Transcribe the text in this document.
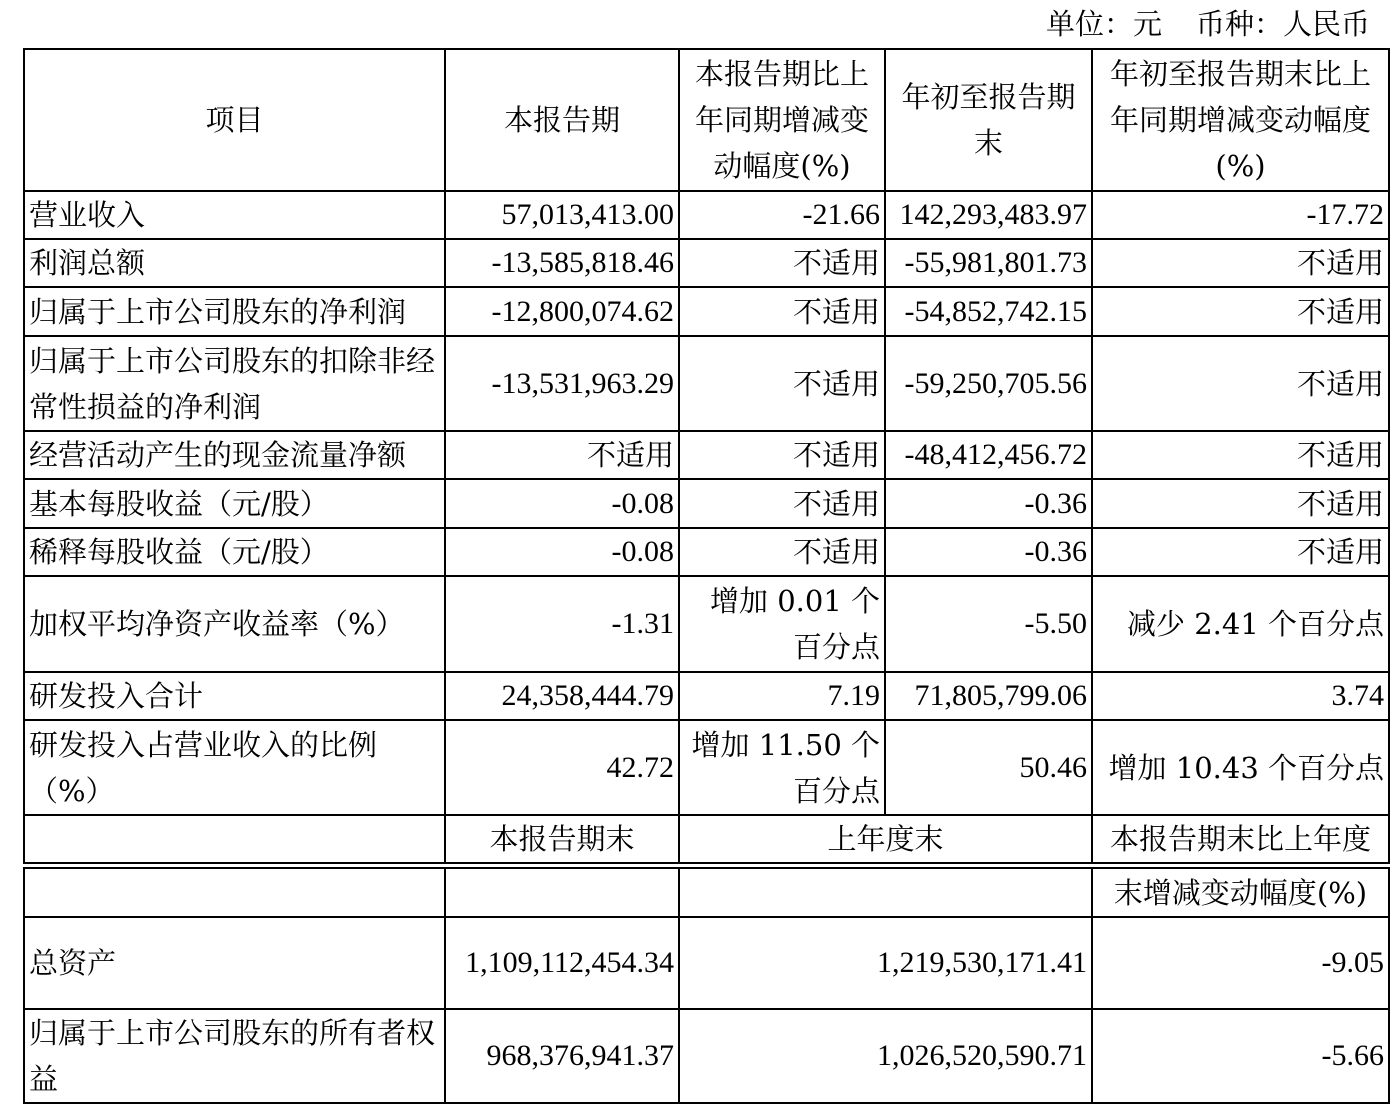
单位：元 币种：人民币
项目	本报告期	本报告期比上年同期增减变动幅度(%)	年初至报告期末	年初至报告期末比上年同期增减变动幅度(%)
营业收入	57,013,413.00	-21.66	142,293,483.97	-17.72
利润总额	-13,585,818.46	不适用	-55,981,801.73	不适用
归属于上市公司股东的净利润	-12,800,074.62	不适用	-54,852,742.15	不适用
归属于上市公司股东的扣除非经常性损益的净利润	-13,531,963.29	不适用	-59,250,705.56	不适用
经营活动产生的现金流量净额	不适用	不适用	-48,412,456.72	不适用
基本每股收益（元/股）	-0.08	不适用	-0.36	不适用
稀释每股收益（元/股）	-0.08	不适用	-0.36	不适用
加权平均净资产收益率（%）	-1.31	增加 0.01 个百分点	-5.50	减少 2.41 个百分点
研发投入合计	24,358,444.79	7.19	71,805,799.06	3.74
研发投入占营业收入的比例（%）	42.72	增加 11.50 个百分点	50.46	增加 10.43 个百分点
	本报告期末	上年度末		本报告期末比上年度
			末增减变动幅度(%)
总资产	1,109,112,454.34	1,219,530,171.41	-9.05
归属于上市公司股东的所有者权益	968,376,941.37	1,026,520,590.71	-5.66
